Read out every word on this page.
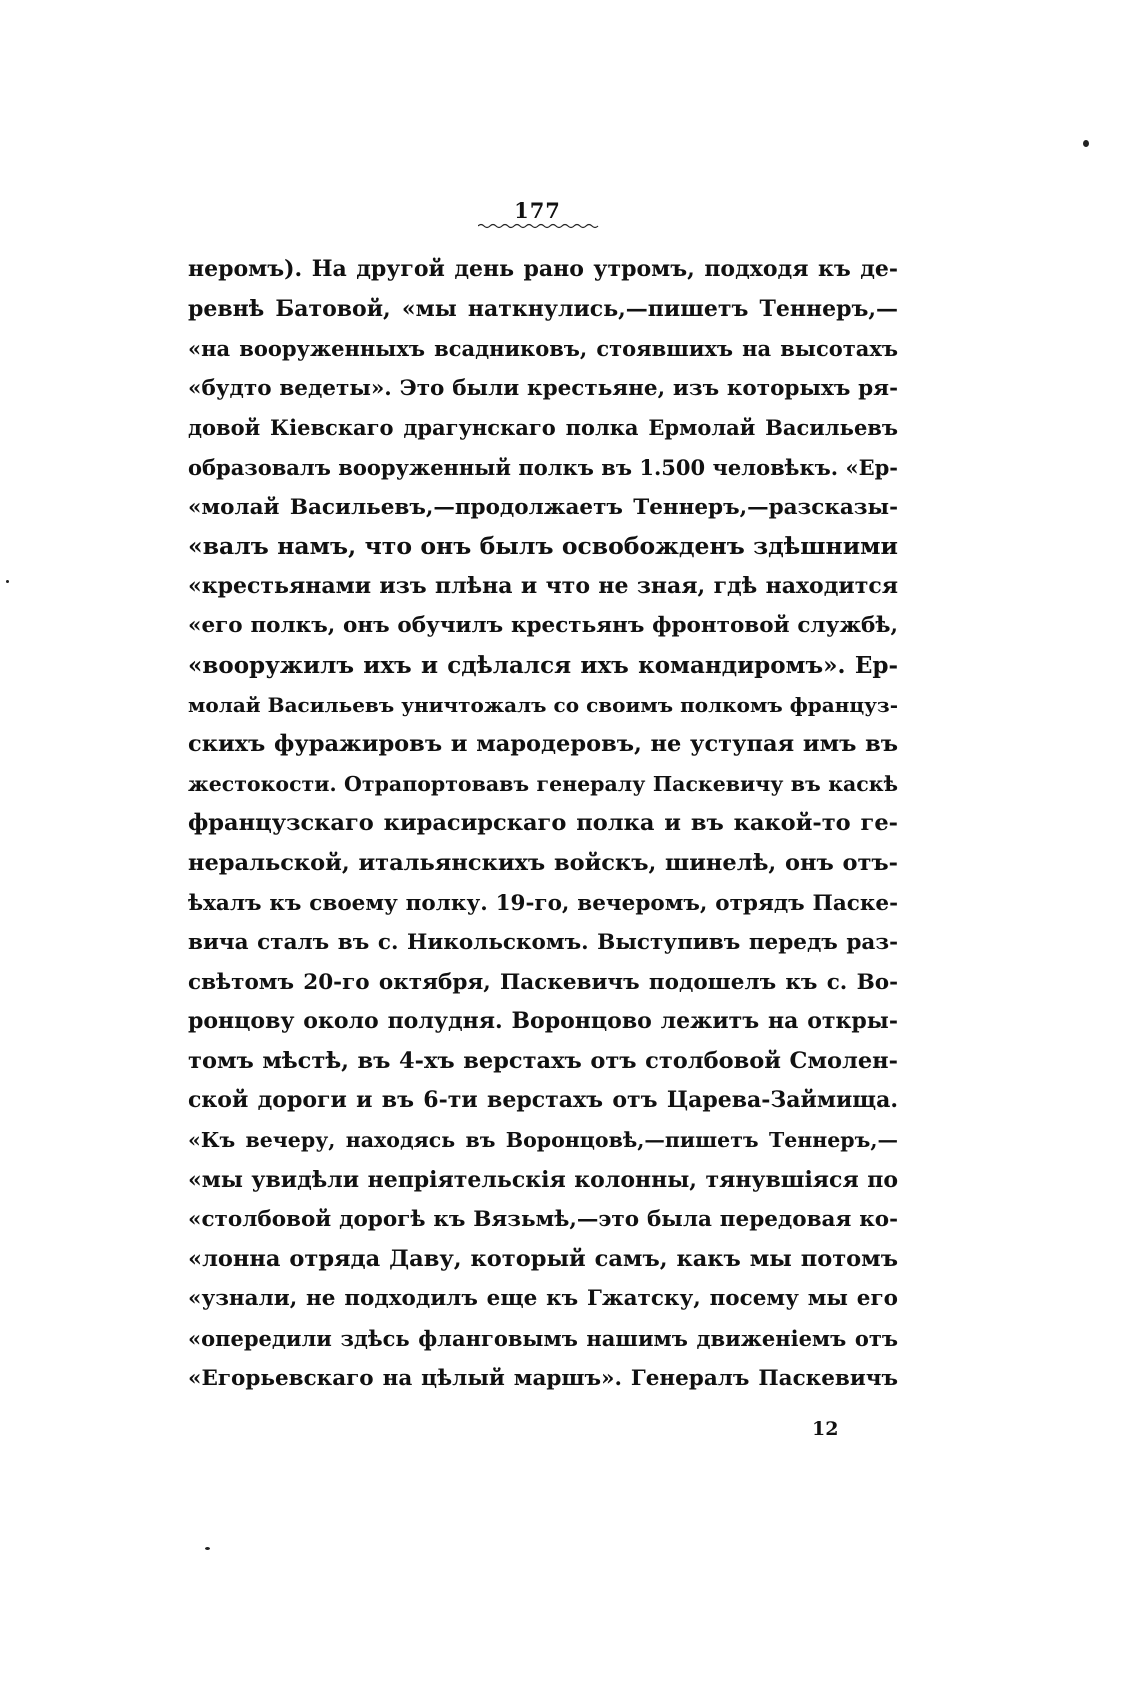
177
неромъ). На другой день рано утромъ, подходя къ де-
ревнѣ Батовой, «мы наткнулись,—пишетъ Теннеръ,—
«на вооруженныхъ всадниковъ, стоявшихъ на высотахъ
«будто ведеты». Это были крестьяне, изъ которыхъ ря-
довой Кіевскаго драгунскаго полка Ермолай Васильевъ
образовалъ вооруженный полкъ въ 1.500 человѣкъ. «Ер-
«молай Васильевъ,—продолжаетъ Теннеръ,—разсказы-
«валъ намъ, что онъ былъ освобожденъ здѣшними
«крестьянами изъ плѣна и что не зная, гдѣ находится
«его полкъ, онъ обучилъ крестьянъ фронтовой службѣ,
«вооружилъ ихъ и сдѣлался ихъ командиромъ». Ер-
молай Васильевъ уничтожалъ со своимъ полкомъ француз-
скихъ фуражировъ и мародеровъ, не уступая имъ въ
жестокости. Отрапортовавъ генералу Паскевичу въ каскѣ
французскаго кирасирскаго полка и въ какой-то ге-
неральской, итальянскихъ войскъ, шинелѣ, онъ отъ-
ѣхалъ къ своему полку. 19-го, вечеромъ, отрядъ Паске-
вича сталъ въ с. Никольскомъ. Выступивъ передъ раз-
свѣтомъ 20-го октября, Паскевичъ подошелъ къ с. Во-
ронцову около полудня. Воронцово лежитъ на откры-
томъ мѣстѣ, въ 4-хъ верстахъ отъ столбовой Смолен-
ской дороги и въ 6-ти верстахъ отъ Царева-Займища.
«Къ вечеру, находясь въ Воронцовѣ,—пишетъ Теннеръ,—
«мы увидѣли непріятельскія колонны, тянувшіяся по
«столбовой дорогѣ къ Вязьмѣ,—это была передовая ко-
«лонна отряда Даву, который самъ, какъ мы потомъ
«узнали, не подходилъ еще къ Гжатску, посему мы его
«опередили здѣсь фланговымъ нашимъ движеніемъ отъ
«Егорьевскаго на цѣлый маршъ». Генералъ Паскевичъ
12
